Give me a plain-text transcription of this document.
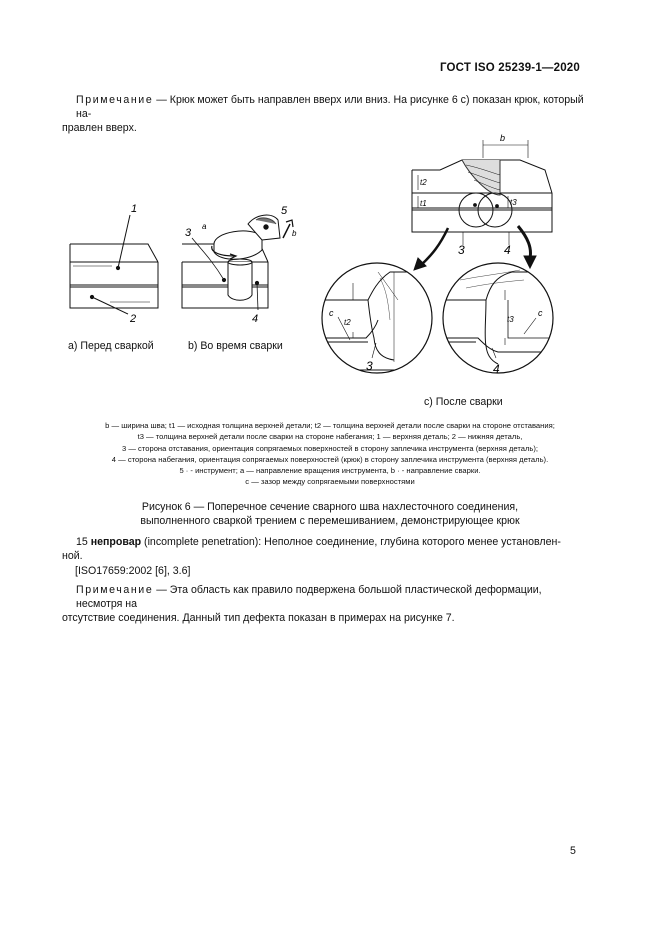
ГОСТ ISO 25239-1—2020
Примечание — Крюк может быть направлен вверх или вниз. На рисунке 6 с) показан крюк, который на-
правлен вверх.
1
2
3
4
5
a
b
b
t2
t1	t3
3	4
c
t2
3
c
t3
4
а) Перед сваркой	b) Во время сварки
с) После сварки
b — ширина шва; t1 — исходная толщина верхней детали; t2 — толщина верхней детали после сварки на стороне отставания;
t3 — толщина верхней детали после сварки на стороне набегания; 1 — верхняя деталь; 2 — нижняя деталь,
3 — сторона отставания, ориентация сопрягаемых поверхностей в сторону заплечика инструмента (верхняя деталь);
4 — сторона набегания, ориентация сопрягаемых поверхностей (крюк) в сторону заплечика инструмента (верхняя деталь).
5 · - инструмент; a — направление вращения инструмента, b · - направление сварки.
c — зазор между сопрягаемыми поверхностями
Рисунок 6 — Поперечное сечение сварного шва нахлесточного соединения,
выполненного сваркой трением с перемешиванием, демонстрирующее крюк
15 непровар (incomplete penetration): Неполное соединение, глубина которого менее установлен-
ной.
[ISO17659:2002 [6], 3.6]
Примечание — Эта область как правило подвержена большой пластической деформации, несмотря на
отсутствие соединения. Данный тип дефекта показан в примерах на рисунке 7.
5
